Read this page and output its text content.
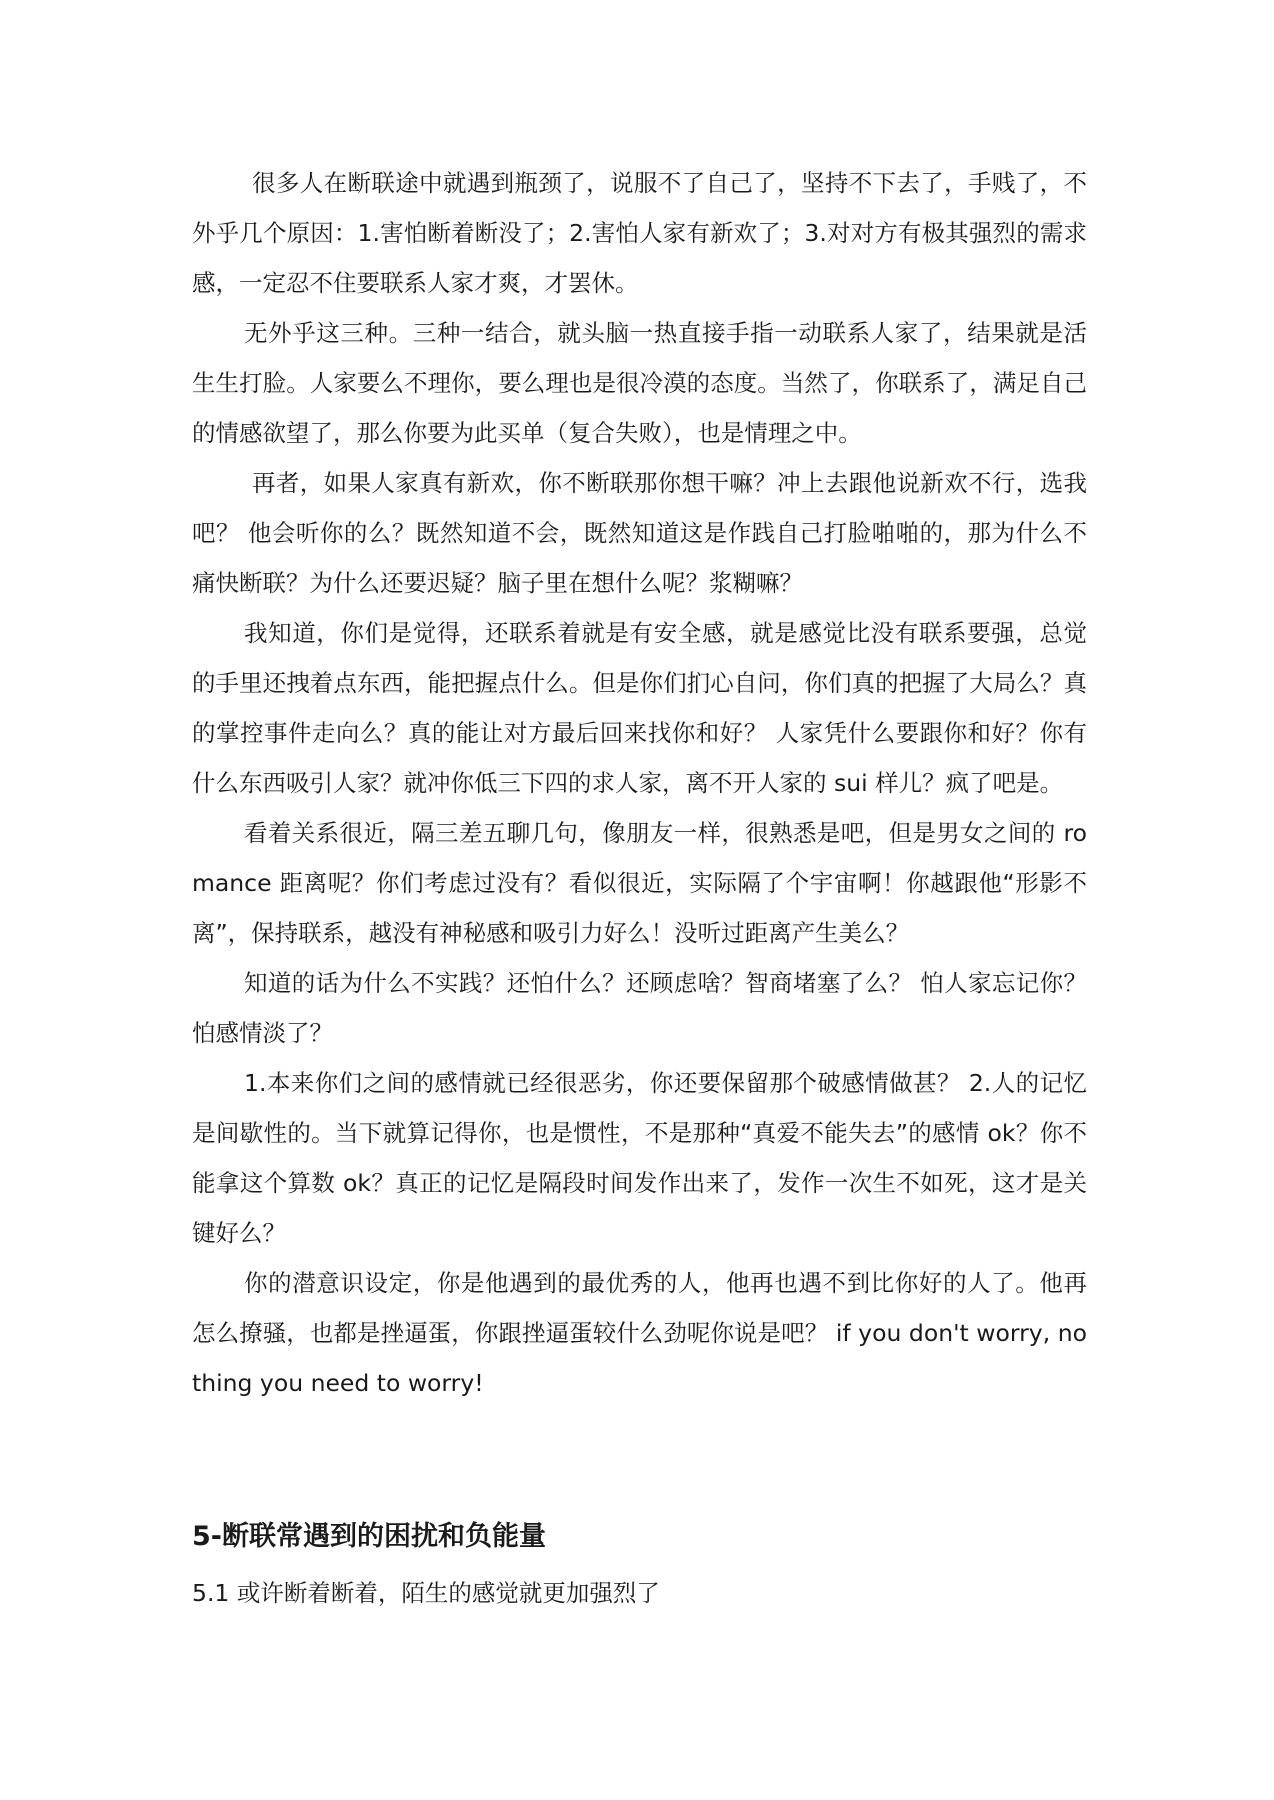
很多人在断联途中就遇到瓶颈了，说服不了自己了，坚持不下去了，手贱了，不外乎几个原因：1.害怕断着断没了；2.害怕人家有新欢了；3.对对方有极其强烈的需求感，一定忍不住要联系人家才爽，才罢休。

无外乎这三种。三种一结合，就头脑一热直接手指一动联系人家了，结果就是活生生打脸。人家要么不理你，要么理也是很冷漠的态度。当然了，你联系了，满足自己的情感欲望了，那么你要为此买单（复合失败），也是情理之中。

再者，如果人家真有新欢，你不断联那你想干嘛？冲上去跟他说新欢不行，选我吧？ 他会听你的么？既然知道不会，既然知道这是作践自己打脸啪啪的，那为什么不痛快断联？为什么还要迟疑？脑子里在想什么呢？浆糊嘛？

我知道，你们是觉得，还联系着就是有安全感，就是感觉比没有联系要强，总觉的手里还拽着点东西，能把握点什么。但是你们扪心自问，你们真的把握了大局么？真的掌控事件走向么？真的能让对方最后回来找你和好？ 人家凭什么要跟你和好？你有什么东西吸引人家？就冲你低三下四的求人家，离不开人家的 sui 样儿？疯了吧是。

看着关系很近，隔三差五聊几句，像朋友一样，很熟悉是吧，但是男女之间的 romance 距离呢？你们考虑过没有？看似很近，实际隔了个宇宙啊！你越跟他“形影不离”，保持联系，越没有神秘感和吸引力好么！没听过距离产生美么？

知道的话为什么不实践？还怕什么？还顾虑啥？智商堵塞了么？ 怕人家忘记你？怕感情淡了？

1.本来你们之间的感情就已经很恶劣，你还要保留那个破感情做甚？ 2.人的记忆是间歇性的。当下就算记得你，也是惯性，不是那种“真爱不能失去”的感情 ok？你不能拿这个算数 ok？真正的记忆是隔段时间发作出来了，发作一次生不如死，这才是关键好么？

你的潜意识设定，你是他遇到的最优秀的人，他再也遇不到比你好的人了。他再怎么撩骚，也都是挫逼蛋，你跟挫逼蛋较什么劲呢你说是吧？ if you don't worry, nothing you need to worry!

5-断联常遇到的困扰和负能量

5.1 或许断着断着，陌生的感觉就更加强烈了
